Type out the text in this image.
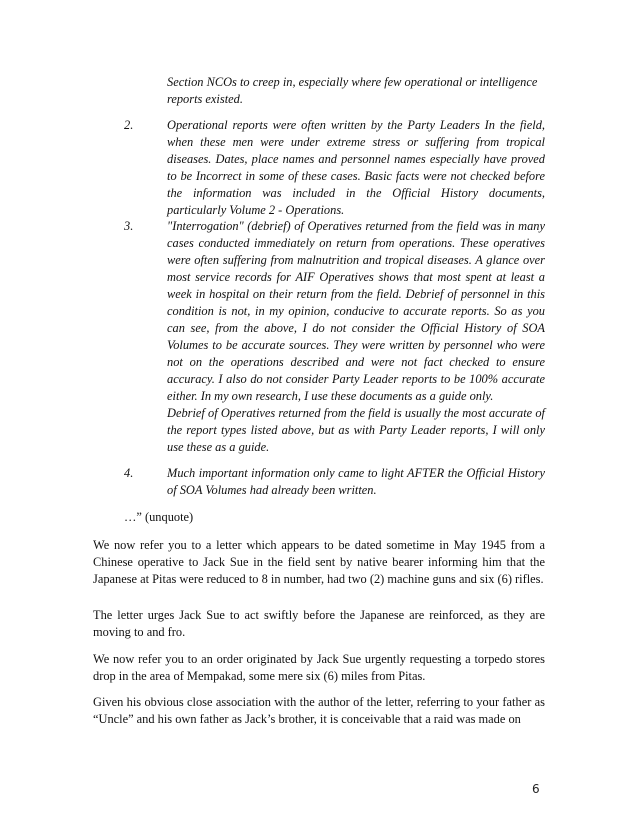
Section NCOs to creep in, especially where few operational or intelligence reports existed.

2.	Operational reports were often written by the Party Leaders In the field, when these men were under extreme stress or suffering from tropical diseases. Dates, place names and personnel names especially have proved to be Incorrect in some of these cases. Basic facts were not checked before the information was included in the Official History documents, particularly Volume 2 - Operations.

3.	"Interrogation" (debrief) of Operatives returned from the field was in many cases conducted immediately on return from operations. These operatives were often suffering from malnutrition and tropical diseases. A glance over most service records for AIF Operatives shows that most spent at least a week in hospital on their return from the field. Debrief of personnel in this condition is not, in my opinion, conducive to accurate reports. So as you can see, from the above, I do not consider the Official History of SOA Volumes to be accurate sources. They were written by personnel who were not on the operations described and were not fact checked to ensure accuracy. I also do not consider Party Leader reports to be 100% accurate either. In my own research, I use these documents as a guide only.

Debrief of Operatives returned from the field is usually the most accurate of the report types listed above, but as with Party Leader reports, I will only use these as a guide.

4.	Much important information only came to light AFTER the Official History of SOA Volumes had already been written.

…” (unquote)

We now refer you to a letter which appears to be dated sometime in May 1945 from a Chinese operative to Jack Sue in the field sent by native bearer informing him that the Japanese at Pitas were reduced to 8 in number, had two (2) machine guns and six (6) rifles.

The letter urges Jack Sue to act swiftly before the Japanese are reinforced, as they are moving to and fro.

We now refer you to an order originated by Jack Sue urgently requesting a torpedo stores drop in the area of Mempakad, some mere six (6) miles from Pitas.

Given his obvious close association with the author of the letter, referring to your father as “Uncle” and his own father as Jack’s brother, it is conceivable that a raid was made on

6
